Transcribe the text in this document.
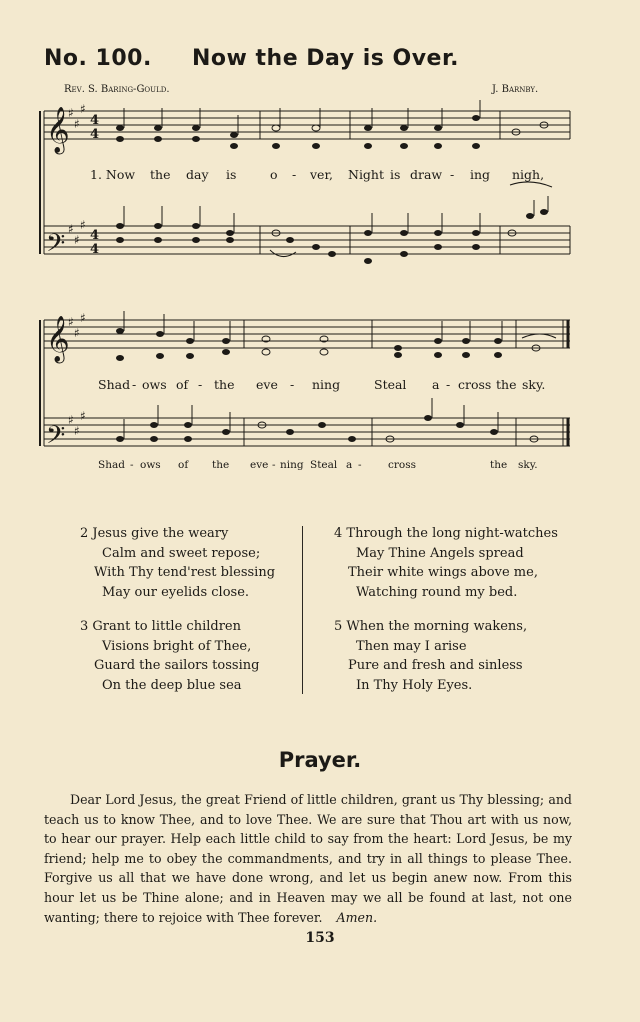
No. 100. Now the Day is Over.
Rev. S. Baring-Gould.	J. Barnby.
𝄞
𝄢
𝄞
𝄢
♯
♯
♯
♯
♯
♯
♯
♯
♯
♯
♯
♯
4
4
4
4
1. Now the day is	o - ver, Night is draw - ing nigh,
Shad - ows of - the eve - ning	Steal a - cross the sky.
Shad - ows of the eve - ning Steal a -	cross	the sky.
2 Jesus give the weary
Calm and sweet repose;
With Thy tend'rest blessing
May our eyelids close.
3 Grant to little children
Visions bright of Thee,
Guard the sailors tossing
On the deep blue sea
4 Through the long night-watches
May Thine Angels spread
Their white wings above me,
Watching round my bed.
5 When the morning wakens,
Then may I arise
Pure and fresh and sinless
In Thy Holy Eyes.
Prayer.
Dear Lord Jesus, the great Friend of little children, grant us Thy blessing; and teach us to know Thee, and to love Thee. We are sure that Thou art with us now, to hear our prayer. Help each little child to say from the heart: Lord Jesus, be my friend; help me to obey the commandments, and try in all things to please Thee. Forgive us all that we have done wrong, and let us begin anew now. From this hour let us be Thine alone; and in Heaven may we all be found at last, not one wanting; there to rejoice with Thee forever. Amen.
153
